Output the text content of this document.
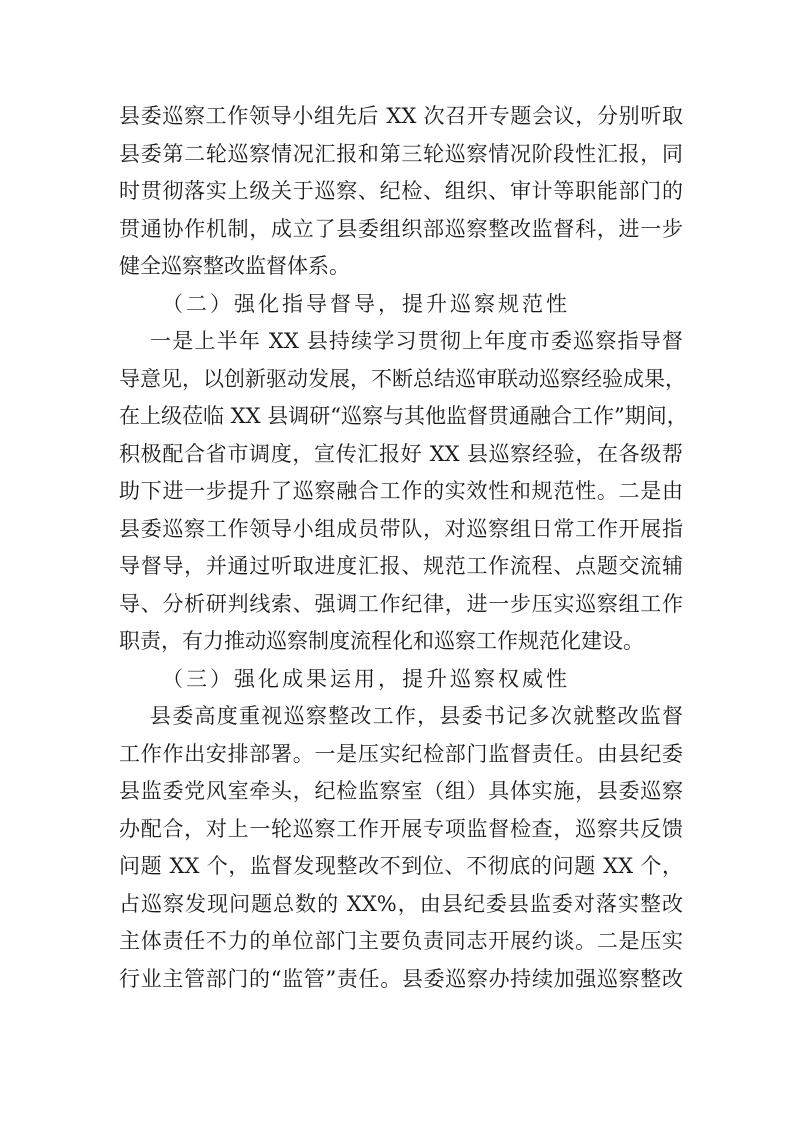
县委巡察工作领导小组先后 XX 次召开专题会议，分别听取
县委第二轮巡察情况汇报和第三轮巡察情况阶段性汇报，同
时贯彻落实上级关于巡察、纪检、组织、审计等职能部门的
贯通协作机制，成立了县委组织部巡察整改监督科，进一步
健全巡察整改监督体系。
（二）强化指导督导，提升巡察规范性
一是上半年 XX 县持续学习贯彻上年度市委巡察指导督
导意见，以创新驱动发展，不断总结巡审联动巡察经验成果，
在上级莅临 XX 县调研“巡察与其他监督贯通融合工作”期间，
积极配合省市调度，宣传汇报好 XX 县巡察经验，在各级帮
助下进一步提升了巡察融合工作的实效性和规范性。二是由
县委巡察工作领导小组成员带队，对巡察组日常工作开展指
导督导，并通过听取进度汇报、规范工作流程、点题交流辅
导、分析研判线索、强调工作纪律，进一步压实巡察组工作
职责，有力推动巡察制度流程化和巡察工作规范化建设。
（三）强化成果运用，提升巡察权威性
县委高度重视巡察整改工作，县委书记多次就整改监督
工作作出安排部署。一是压实纪检部门监督责任。由县纪委
县监委党风室牵头，纪检监察室（组）具体实施，县委巡察
办配合，对上一轮巡察工作开展专项监督检查，巡察共反馈
问题 XX 个，监督发现整改不到位、不彻底的问题 XX 个，
占巡察发现问题总数的 XX%，由县纪委县监委对落实整改
主体责任不力的单位部门主要负责同志开展约谈。二是压实
行业主管部门的“监管”责任。县委巡察办持续加强巡察整改
